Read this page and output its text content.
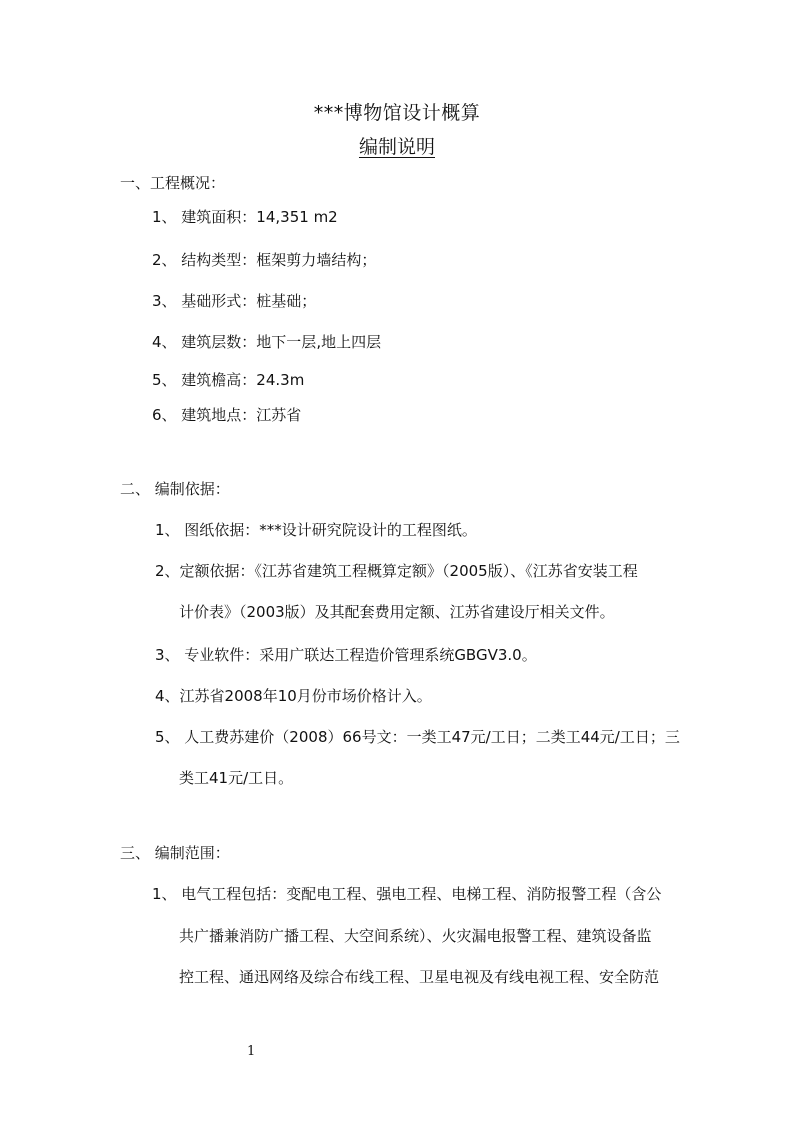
***博物馆设计概算
编制说明
一、工程概况：
1、 建筑面积：14,351 m2
2、 结构类型：框架剪力墙结构；
3、 基础形式：桩基础；
4、 建筑层数：地下一层,地上四层
5、 建筑檐高：24.3m
6、 建筑地点：江苏省
二、 编制依据：
1、 图纸依据：***设计研究院设计的工程图纸。
2、定额依据：《江苏省建筑工程概算定额》（2005版）、《江苏省安装工程
计价表》（2003版）及其配套费用定额、江苏省建设厅相关文件。
3、 专业软件：采用广联达工程造价管理系统GBGV3.0。
4、江苏省2008年10月份市场价格计入。
5、 人工费苏建价（2008）66号文：一类工47元/工日；二类工44元/工日；三
类工41元/工日。
三、 编制范围：
1、 电气工程包括：变配电工程、强电工程、电梯工程、消防报警工程（含公
共广播兼消防广播工程、大空间系统）、火灾漏电报警工程、建筑设备监
控工程、通迅网络及综合布线工程、卫星电视及有线电视工程、安全防范
1
